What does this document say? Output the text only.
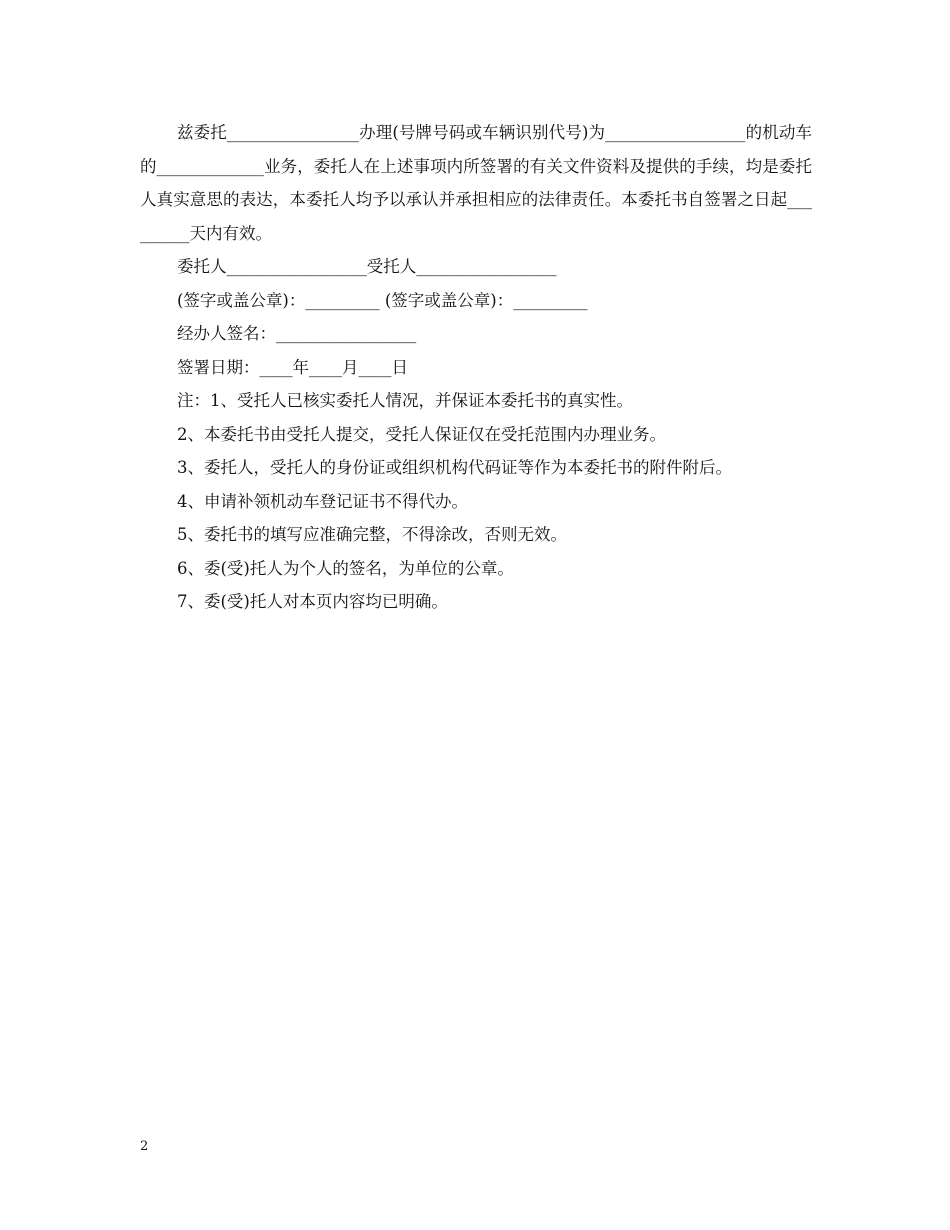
兹委托________________办理(号牌号码或车辆识别代号)为_________________的机动车的_____________业务，委托人在上述事项内所签署的有关文件资料及提供的手续，均是委托人真实意思的表达，本委托人均予以承认并承担相应的法律责任。本委托书自签署之日起_________天内有效。

委托人_________________受托人_________________

(签字或盖公章)：_________ (签字或盖公章)：_________

经办人签名：_________________

签署日期：____年____月____日

注：1、受托人已核实委托人情况，并保证本委托书的真实性。

2、本委托书由受托人提交，受托人保证仅在受托范围内办理业务。

3、委托人，受托人的身份证或组织机构代码证等作为本委托书的附件附后。

4、申请补领机动车登记证书不得代办。

5、委托书的填写应准确完整，不得涂改，否则无效。

6、委(受)托人为个人的签名，为单位的公章。

7、委(受)托人对本页内容均已明确。

2
